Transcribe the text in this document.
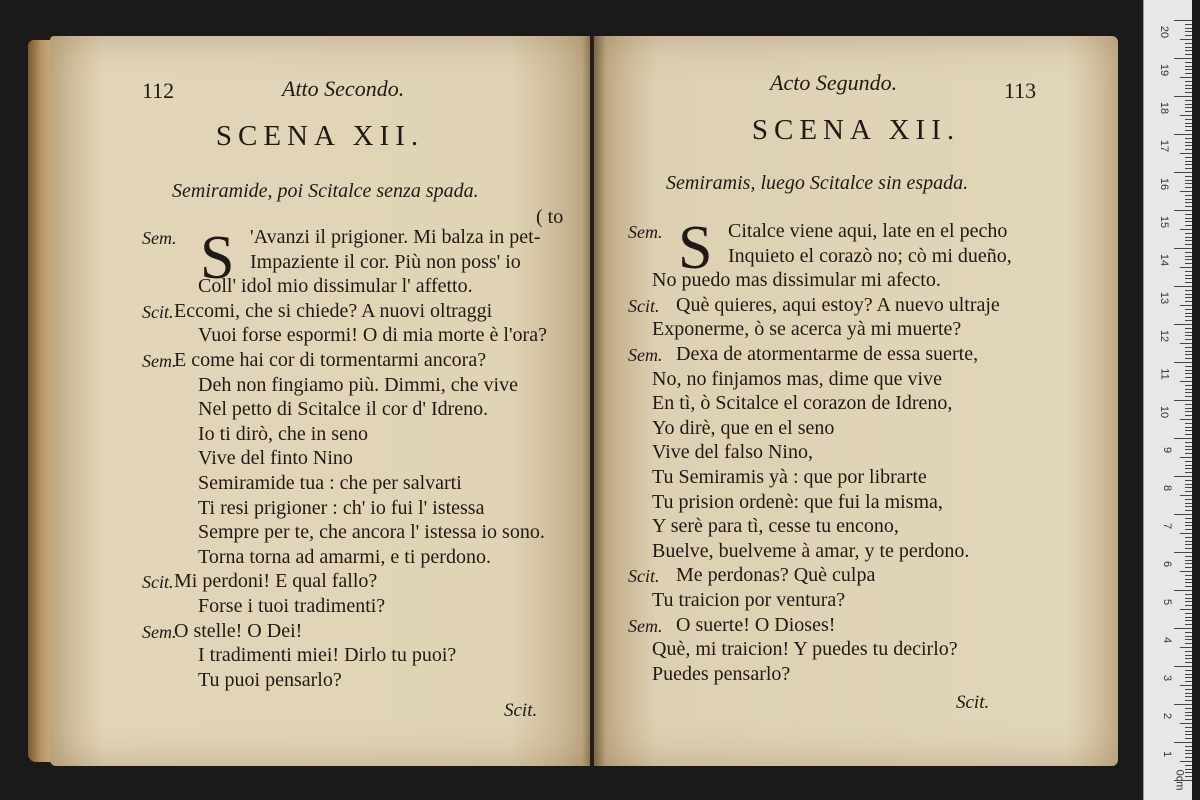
112	Atto Secondo.
SCENA XII.
Semiramide, poi Scitalce senza spada.
( to
S
Sem.	'Avanzi il prigioner. Mi balza in pet-
Impaziente il cor. Più non poss' io
Coll' idol mio dissimular l' affetto.
Scit. Eccomi, che si chiede? A nuovi oltraggi
Vuoi forse espormi! O di mia morte è l'ora?
Sem.
E come hai cor di tormentarmi ancora?
Deh non fingiamo più. Dimmi, che vive
Nel petto di Scitalce il cor d' Idreno.
Io ti dirò, che in seno
Vive del finto Nino
Semiramide tua : che per salvarti
Ti resi prigioner : ch' io fui l' istessa
Sempre per te, che ancora l' istessa io sono.
Torna torna ad amarmi, e ti perdono.
Scit. Mi perdoni! E qual fallo?
Forse i tuoi tradimenti?
Sem.
O stelle! O Dei!
I tradimenti miei! Dirlo tu puoi?
Tu puoi pensarlo?
Scit.
Acto Segundo.	113
SCENA XII.
Semiramis, luego Scitalce sin espada.
S
Sem.	Citalce viene aqui, late en el pecho
Inquieto el corazò no; cò mi dueño,
No puedo mas dissimular mi afecto.
Scit. Què quieres, aqui estoy? A nuevo ultraje
Exponerme, ò se acerca yà mi muerte?
Sem. Dexa de atormentarme de essa suerte,
No, no finjamos mas, dime que vive
En tì, ò Scitalce el corazon de Idreno,
Yo dirè, que en el seno
Vive del falso Nino,
Tu Semiramis yà : que por librarte
Tu prision ordenè: que fui la misma,
Y serè para tì, cesse tu encono,
Buelve, buelveme à amar, y te perdono.
Scit. Me perdonas? Què culpa
Tu traicion por ventura?
Sem. O suerte! O Dioses!
Què, mi traicion! Y puedes tu decirlo?
Puedes pensarlo?
Scit.
20
19
18
17
16
15
14
13
12
11
10
9
8
7
6
5
4
3
2
1
0cm
